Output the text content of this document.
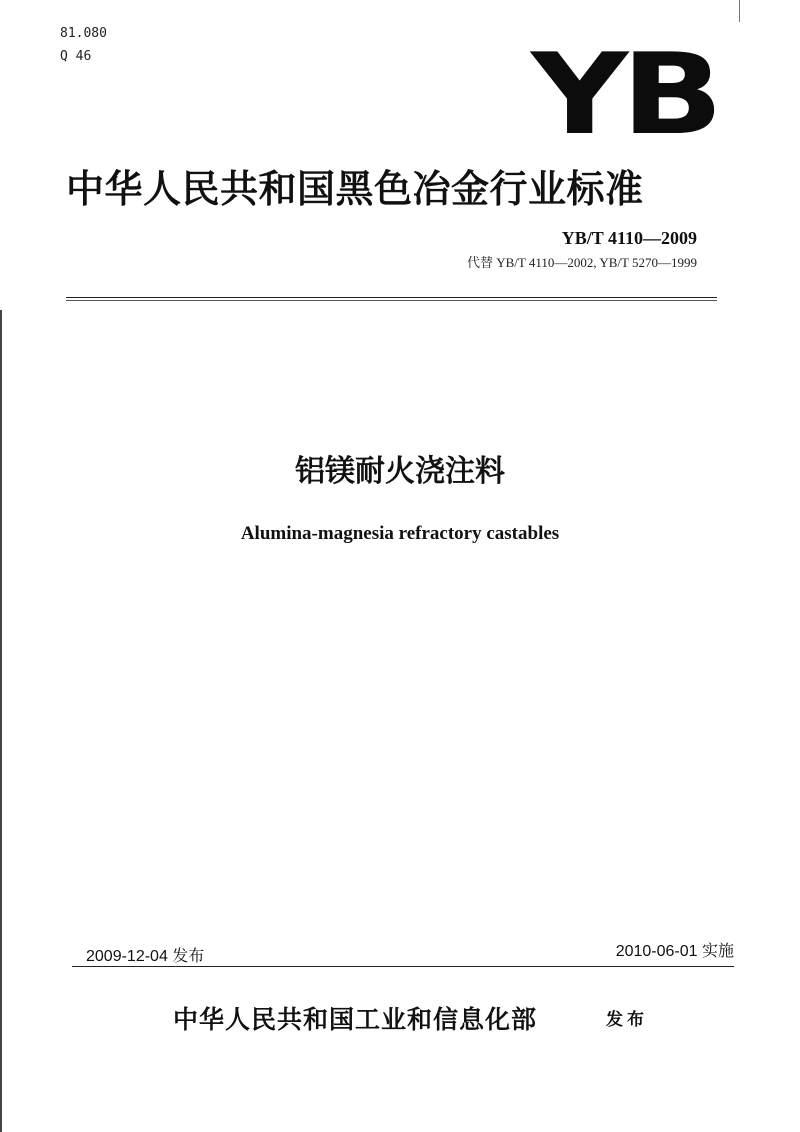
81.080
Q 46	YB
中华人民共和国黑色冶金行业标准
YB/T 4110—2009
代替 YB/T 4110—2002, YB/T 5270—1999
铝镁耐火浇注料
Alumina-magnesia refractory castables
2009-12-04 发布	2010-06-01 实施
中华人民共和国工业和信息化部	发布
